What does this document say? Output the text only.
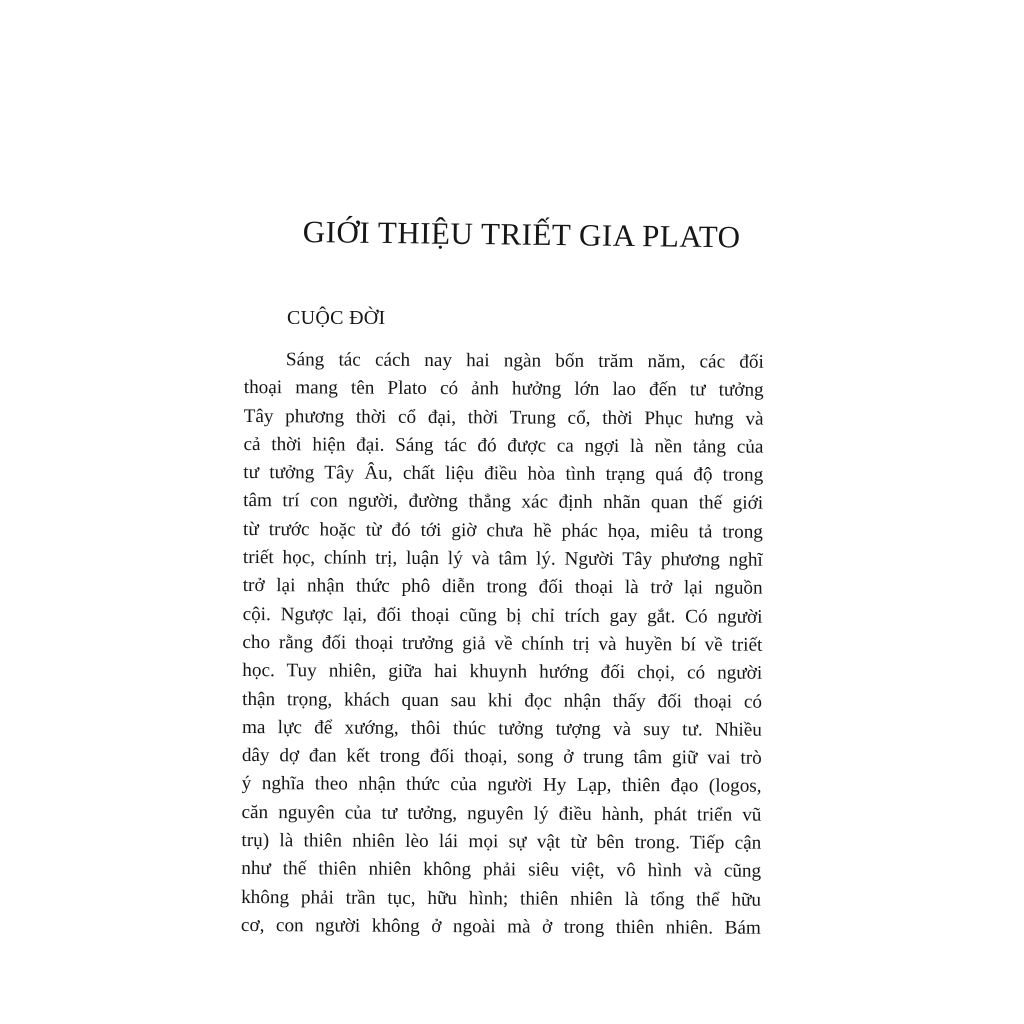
GIỚI THIỆU TRIẾT GIA PLATO
CUỘC ĐỜI
Sáng tác cách nay hai ngàn bốn trăm năm, các đối
thoại mang tên Plato có ảnh hưởng lớn lao đến tư tưởng
Tây phương thời cổ đại, thời Trung cổ, thời Phục hưng và
cả thời hiện đại. Sáng tác đó được ca ngợi là nền tảng của
tư tưởng Tây Âu, chất liệu điều hòa tình trạng quá độ trong
tâm trí con người, đường thẳng xác định nhãn quan thế giới
từ trước hoặc từ đó tới giờ chưa hề phác họa, miêu tả trong
triết học, chính trị, luận lý và tâm lý. Người Tây phương nghĩ
trở lại nhận thức phô diễn trong đối thoại là trở lại nguồn
cội. Ngược lại, đối thoại cũng bị chỉ trích gay gắt. Có người
cho rằng đối thoại trưởng giả về chính trị và huyền bí về triết
học. Tuy nhiên, giữa hai khuynh hướng đối chọi, có người
thận trọng, khách quan sau khi đọc nhận thấy đối thoại có
ma lực để xướng, thôi thúc tưởng tượng và suy tư. Nhiều
dây dợ đan kết trong đối thoại, song ở trung tâm giữ vai trò
ý nghĩa theo nhận thức của người Hy Lạp, thiên đạo (logos,
căn nguyên của tư tưởng, nguyên lý điều hành, phát triển vũ
trụ) là thiên nhiên lèo lái mọi sự vật từ bên trong. Tiếp cận
như thế thiên nhiên không phải siêu việt, vô hình và cũng
không phải trần tục, hữu hình; thiên nhiên là tổng thể hữu
cơ, con người không ở ngoài mà ở trong thiên nhiên. Bám
